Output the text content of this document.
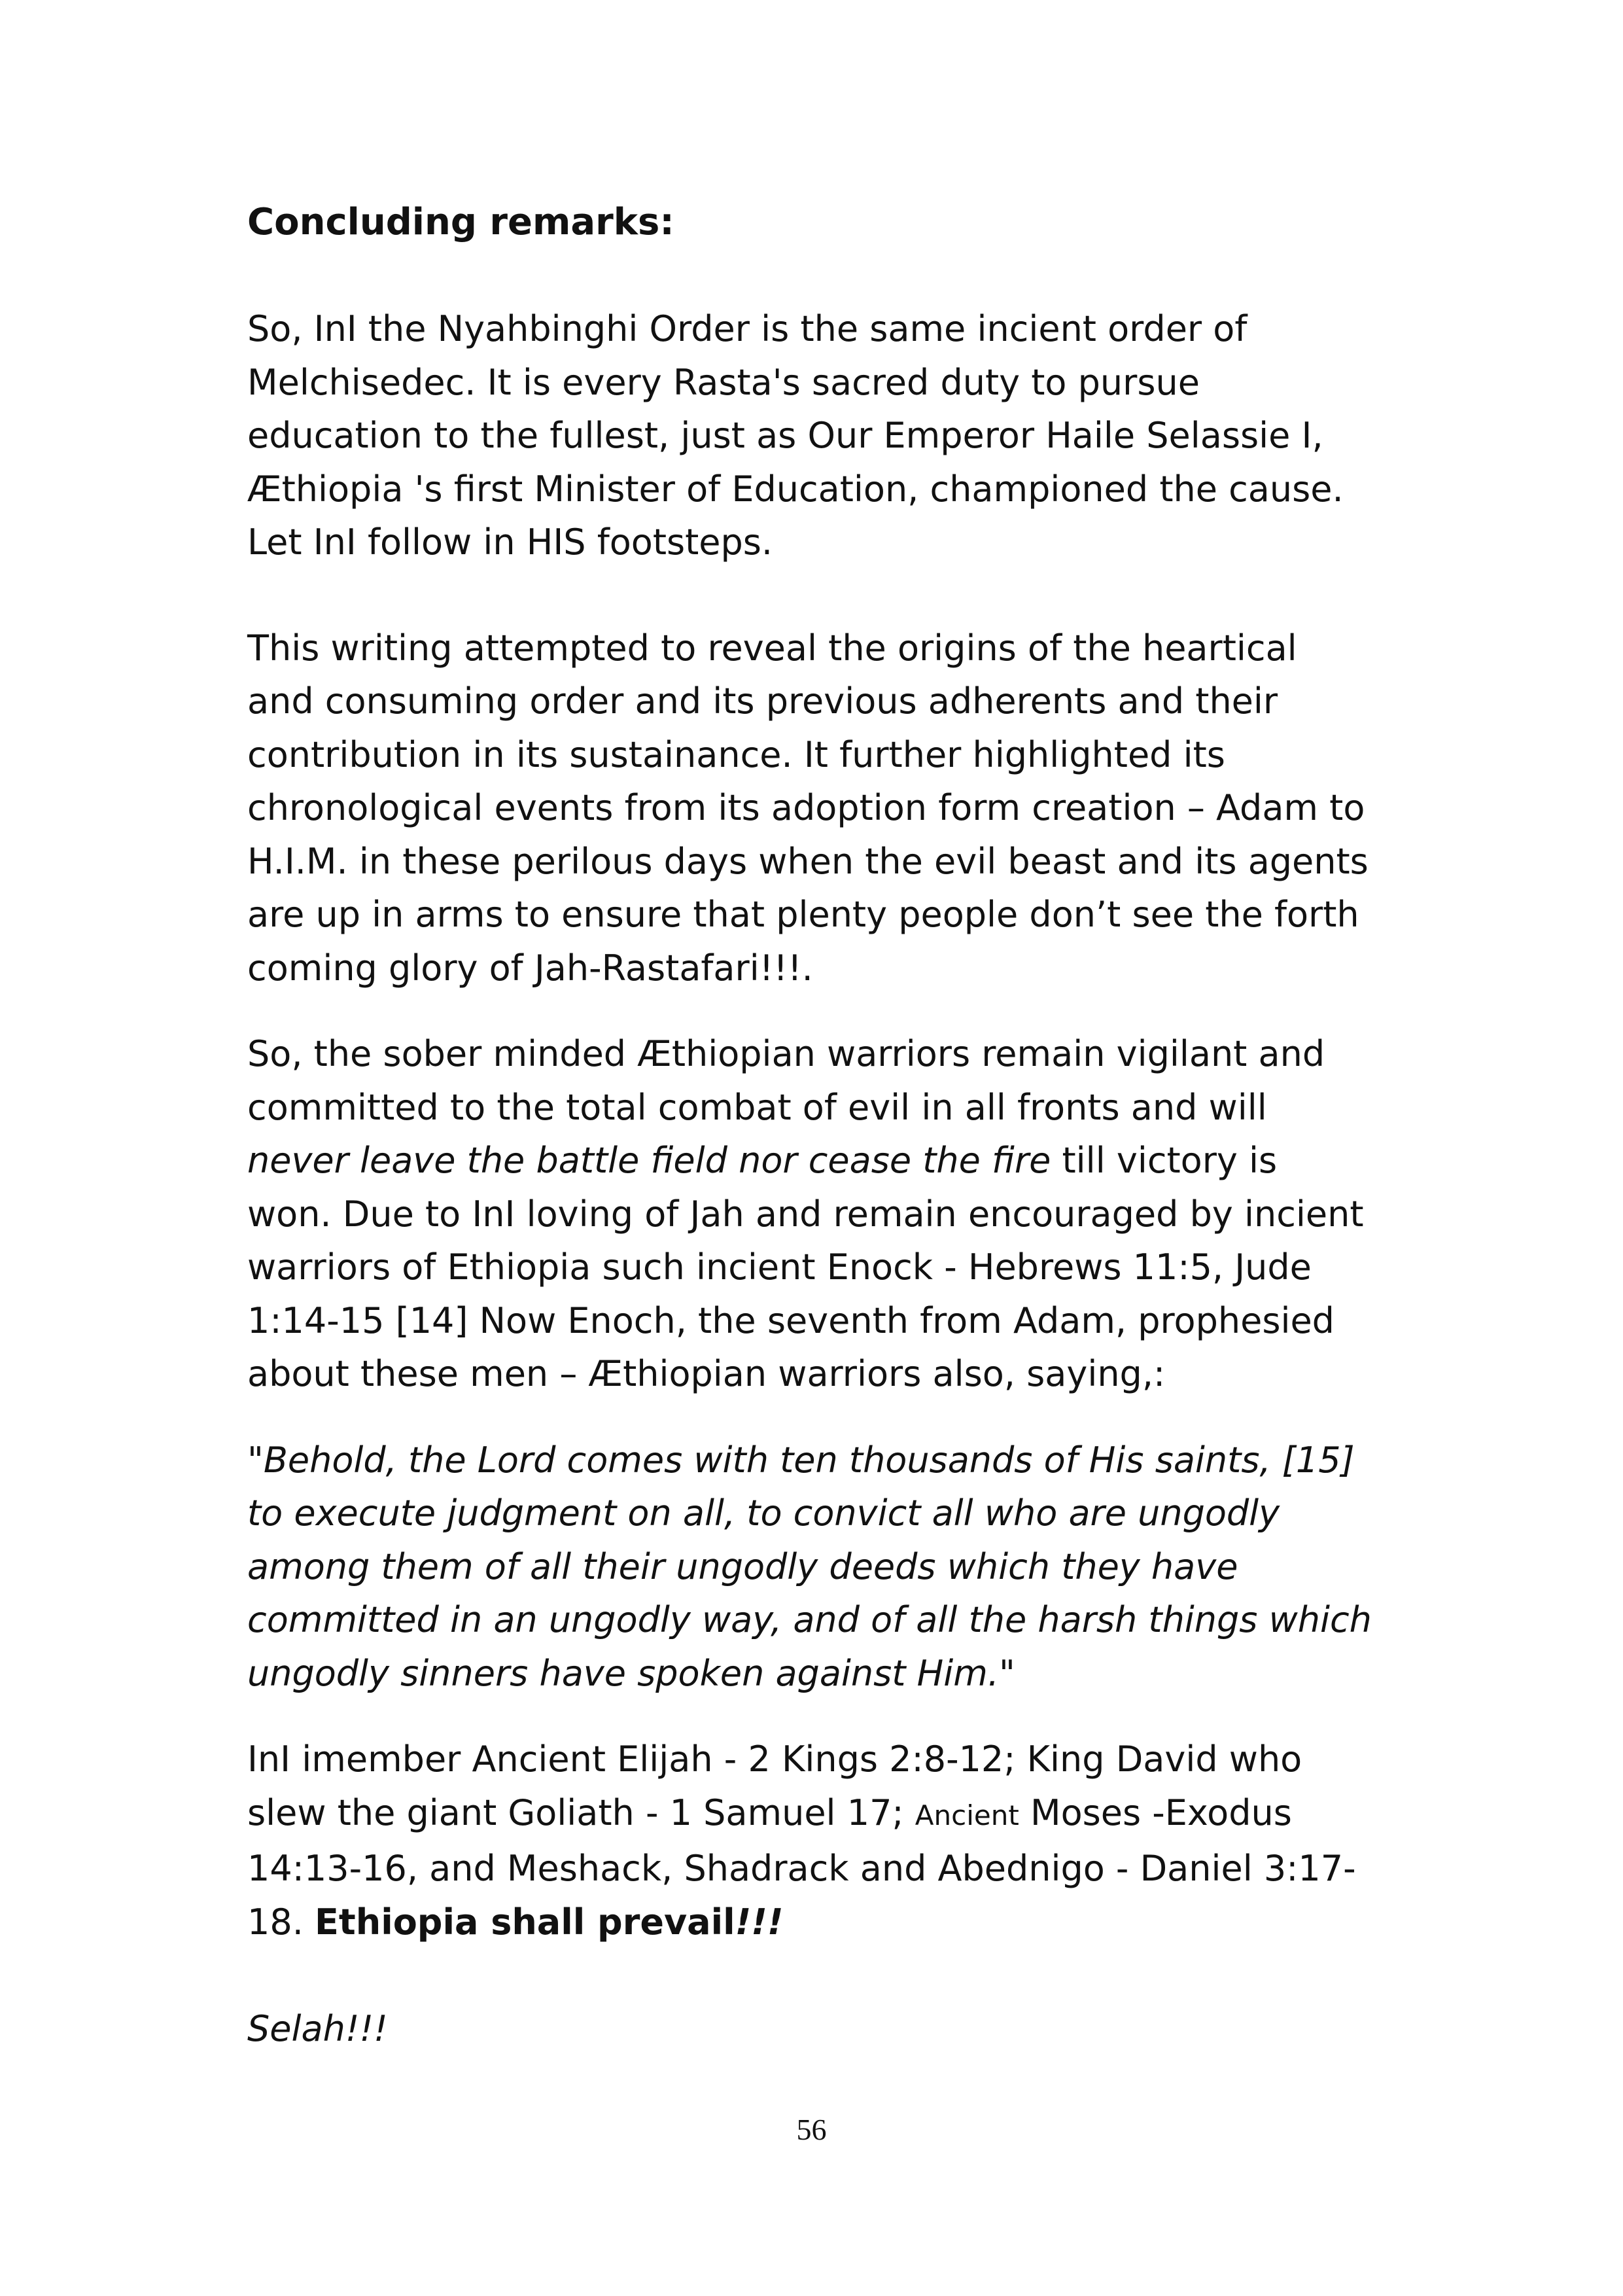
Concluding remarks:
So, InI the Nyahbinghi Order is the same incient order of
Melchisedec. It is every Rasta's sacred duty to pursue
education to the fullest, just as Our Emperor Haile Selassie I,
Æthiopia 's first Minister of Education, championed the cause.
Let InI follow in HIS footsteps.
This writing attempted to reveal the origins of the heartical
and consuming order and its previous adherents and their
contribution in its sustainance. It further highlighted its
chronological events from its adoption form creation – Adam to
H.I.M. in these perilous days when the evil beast and its agents
are up in arms to ensure that plenty people don’t see the forth
coming glory of Jah-Rastafari!!!.
So, the sober minded Æthiopian warriors remain vigilant and
committed to the total combat of evil in all fronts and will
never leave the battle field nor cease the fire till victory is
won. Due to InI loving of Jah and remain encouraged by incient
warriors of Ethiopia such incient Enock - Hebrews 11:5, Jude
1:14-15 [14] Now Enoch, the seventh from Adam, prophesied
about these men – Æthiopian warriors also, saying,:
"Behold, the Lord comes with ten thousands of His saints, [15]
to execute judgment on all, to convict all who are ungodly
among them of all their ungodly deeds which they have
committed in an ungodly way, and of all the harsh things which
ungodly sinners have spoken against Him."
InI imember Ancient Elijah - 2 Kings 2:8-12; King David who
slew the giant Goliath - 1 Samuel 17; Ancient Moses -Exodus
14:13-16, and Meshack, Shadrack and Abednigo - Daniel 3:17-
18. Ethiopia shall prevail!!!
Selah!!!
56
